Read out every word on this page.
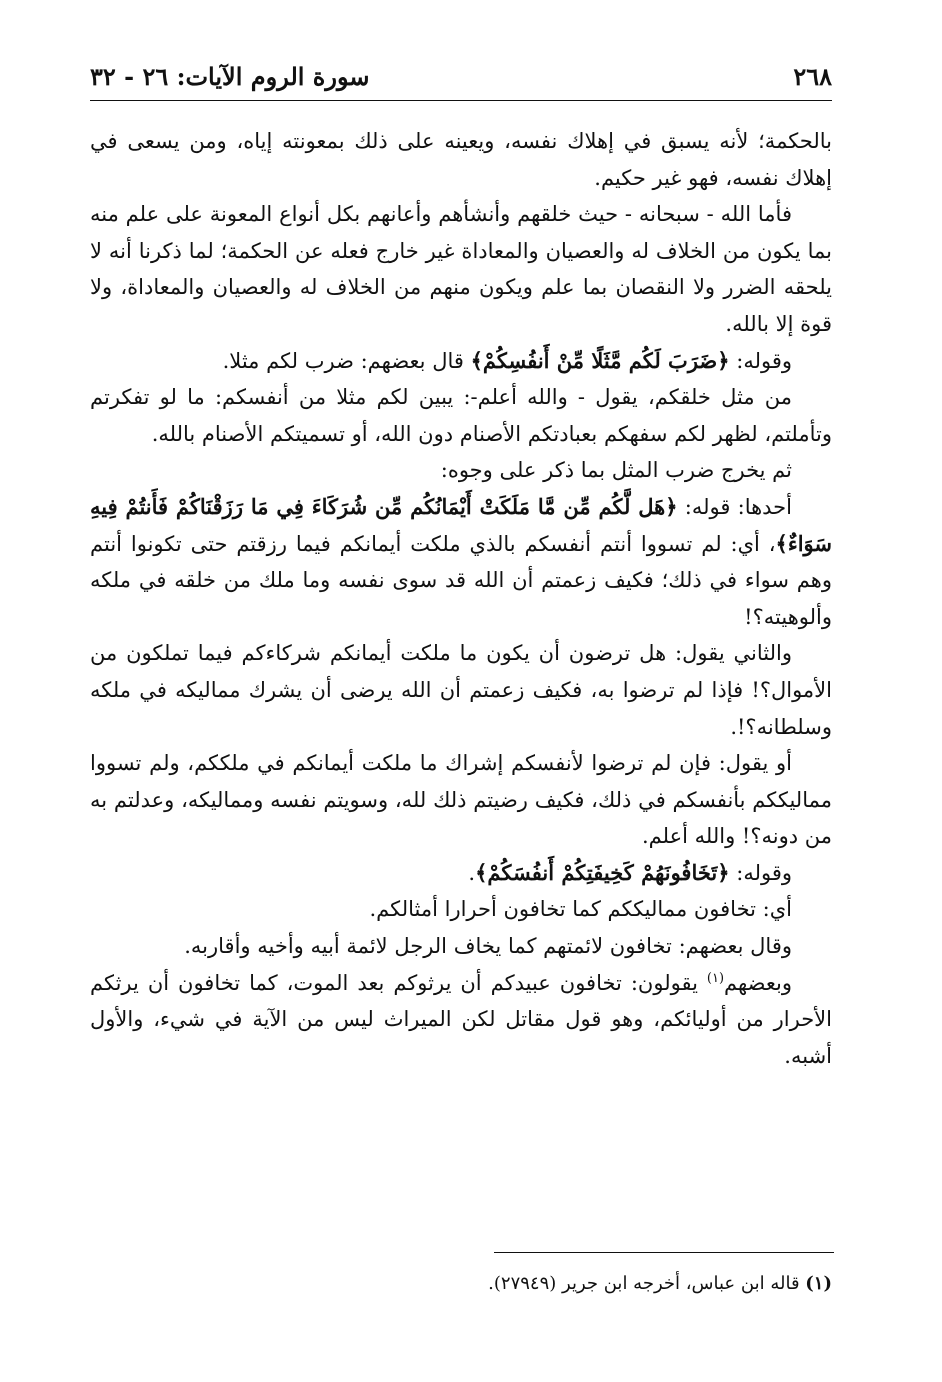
٢٦٨
سورة الروم الآيات: ٢٦ - ٣٢

بالحكمة؛ لأنه يسبق في إهلاك نفسه، ويعينه على ذلك بمعونته إياه، ومن يسعى في إهلاك نفسه، فهو غير حكيم.

فأما الله - سبحانه - حيث خلقهم وأنشأهم وأعانهم بكل أنواع المعونة على علم منه بما يكون من الخلاف له والعصيان والمعاداة غير خارج فعله عن الحكمة؛ لما ذكرنا أنه لا يلحقه الضرر ولا النقصان بما علم ويكون منهم من الخلاف له والعصيان والمعاداة، ولا قوة إلا بالله.

وقوله: ﴿ضَرَبَ لَكُم مَّثَلًا مِّنْ أَنفُسِكُمْ﴾ قال بعضهم: ضرب لكم مثلا.

من مثل خلقكم، يقول - والله أعلم-: يبين لكم مثلا من أنفسكم: ما لو تفكرتم وتأملتم، لظهر لكم سفهكم بعبادتكم الأصنام دون الله، أو تسميتكم الأصنام بالله.

ثم يخرج ضرب المثل بما ذكر على وجوه:

أحدها: قوله: ﴿هَل لَّكُم مِّن مَّا مَلَكَتْ أَيْمَانُكُم مِّن شُرَكَاءَ فِي مَا رَزَقْنَاكُمْ فَأَنتُمْ فِيهِ سَوَاءٌ﴾، أي: لم تسووا أنتم أنفسكم بالذي ملكت أيمانكم فيما رزقتم حتى تكونوا أنتم وهم سواء في ذلك؛ فكيف زعمتم أن الله قد سوى نفسه وما ملك من خلقه في ملكه وألوهيته؟!

والثاني يقول: هل ترضون أن يكون ما ملكت أيمانكم شركاءكم فيما تملكون من الأموال؟! فإذا لم ترضوا به، فكيف زعمتم أن الله يرضى أن يشرك مماليكه في ملكه وسلطانه؟!.

أو يقول: فإن لم ترضوا لأنفسكم إشراك ما ملكت أيمانكم في ملككم، ولم تسووا مماليككم بأنفسكم في ذلك، فكيف رضيتم ذلك لله، وسويتم نفسه ومماليكه، وعدلتم به من دونه؟! والله أعلم.

وقوله: ﴿تَخَافُونَهُمْ كَخِيفَتِكُمْ أَنفُسَكُمْ﴾.

أي: تخافون مماليككم كما تخافون أحرارا أمثالكم.

وقال بعضهم: تخافون لائمتهم كما يخاف الرجل لائمة أبيه وأخيه وأقاربه.

وبعضهم$^{(١)}$ يقولون: تخافون عبيدكم أن يرثوكم بعد الموت، كما تخافون أن يرثكم الأحرار من أوليائكم، وهو قول مقاتل لكن الميراث ليس من الآية في شيء، والأول أشبه.

(١) قاله ابن عباس، أخرجه ابن جرير (٢٧٩٤٩).
